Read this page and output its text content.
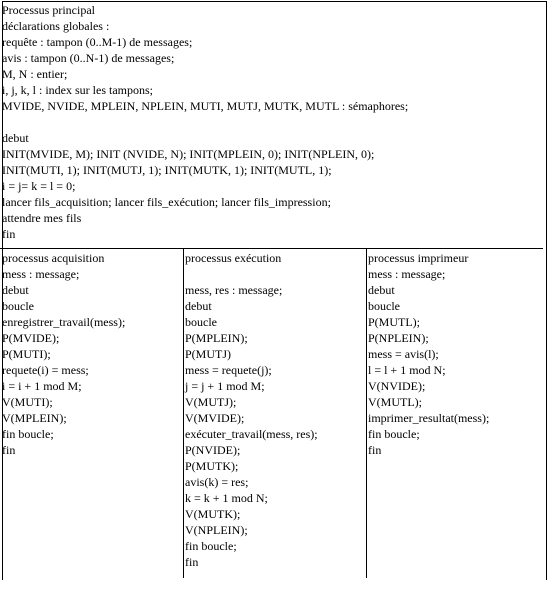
Processus principal
déclarations globales :
requête : tampon (0..M-1) de messages;
avis : tampon (0..N-1) de messages;
M, N : entier;
i, j, k, l : index sur les tampons;
MVIDE, NVIDE, MPLEIN, NPLEIN, MUTI, MUTJ, MUTK, MUTL : sémaphores;
debut
INIT(MVIDE, M); INIT (NVIDE, N); INIT(MPLEIN, 0); INIT(NPLEIN, 0);
INIT(MUTI, 1); INIT(MUTJ, 1); INIT(MUTK, 1); INIT(MUTL, 1);
i = j= k = l = 0;
lancer fils_acquisition; lancer fils_exécution; lancer fils_impression;
attendre mes fils
fin
processus acquisition
mess : message;
debut
boucle
enregistrer_travail(mess);
P(MVIDE);
P(MUTI);
requete(i) = mess;
i = i + 1 mod M;
V(MUTI);
V(MPLEIN);
fin boucle;
fin
processus exécution
mess, res : message;
debut
boucle
P(MPLEIN);
P(MUTJ)
mess = requete(j);
j = j + 1 mod M;
V(MUTJ);
V(MVIDE);
exécuter_travail(mess, res);
P(NVIDE);
P(MUTK);
avis(k) = res;
k = k + 1 mod N;
V(MUTK);
V(NPLEIN);
fin boucle;
fin
processus imprimeur
mess : message;
debut
boucle
P(MUTL);
P(NPLEIN);
mess = avis(l);
l = l + 1 mod N;
V(NVIDE);
V(MUTL);
imprimer_resultat(mess);
fin boucle;
fin
